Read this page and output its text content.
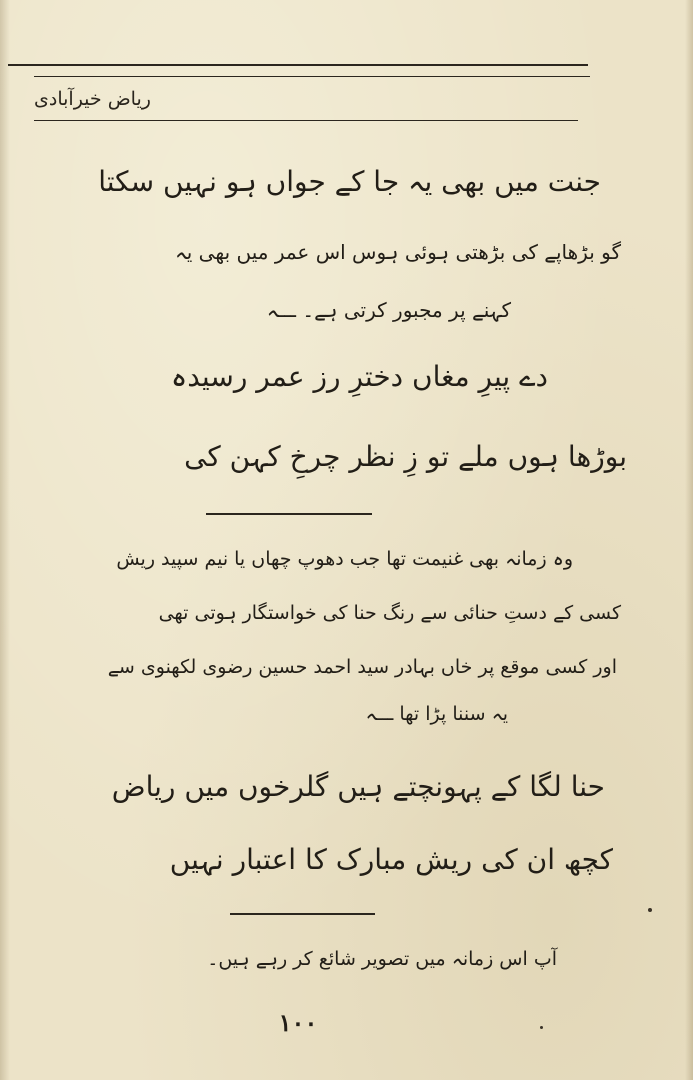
ریاض خیرآبادی
جنت میں بھی یہ جا کے جواں ہو نہیں سکتا
گو بڑھاپے کی بڑھتی ہوئی ہوس اس عمر میں بھی یہ
کہنے پر مجبور کرتی ہے۔ ـــہ
دے پیرِ مغاں دخترِ رز عمر رسیدہ
بوڑھا ہوں ملے تو زِ نظر چرخِ کہن کی
وہ زمانہ بھی غنیمت تھا جب دھوپ چھاں یا نیم سپید ریش
کسی کے دستِ حنائی سے رنگ حنا کی خواستگار ہوتی تھی
اور کسی موقع پر خاں بہادر سید احمد حسین رضوی لکھنوی سے
یہ سننا پڑا تھا ـــہ
حنا لگا کے پہونچتے ہیں گلرخوں میں ریاض
کچھ ان کی ریش مبارک کا اعتبار نہیں
آپ اس زمانہ میں تصویر شائع کر رہے ہیں۔
۱۰۰
